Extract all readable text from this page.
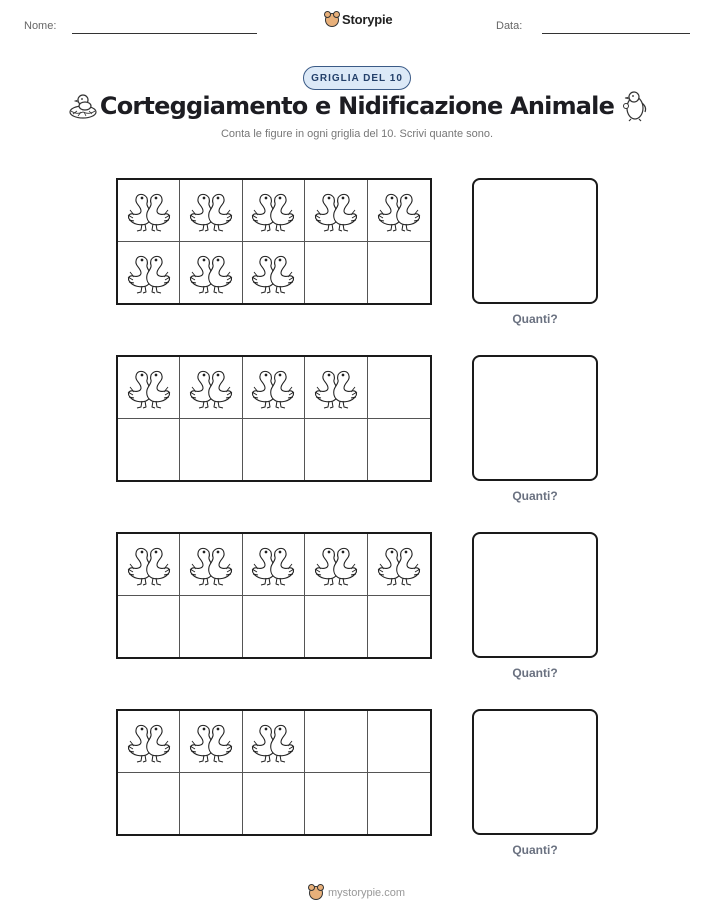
Nome:	Storypie	Data:
GRIGLIA DEL 10
Corteggiamento e Nidificazione Animale

Conta le figure in ogni griglia del 10. Scrivi quante sono.

Quanti?
Quanti?
Quanti?
Quanti?
mystorypie.com
